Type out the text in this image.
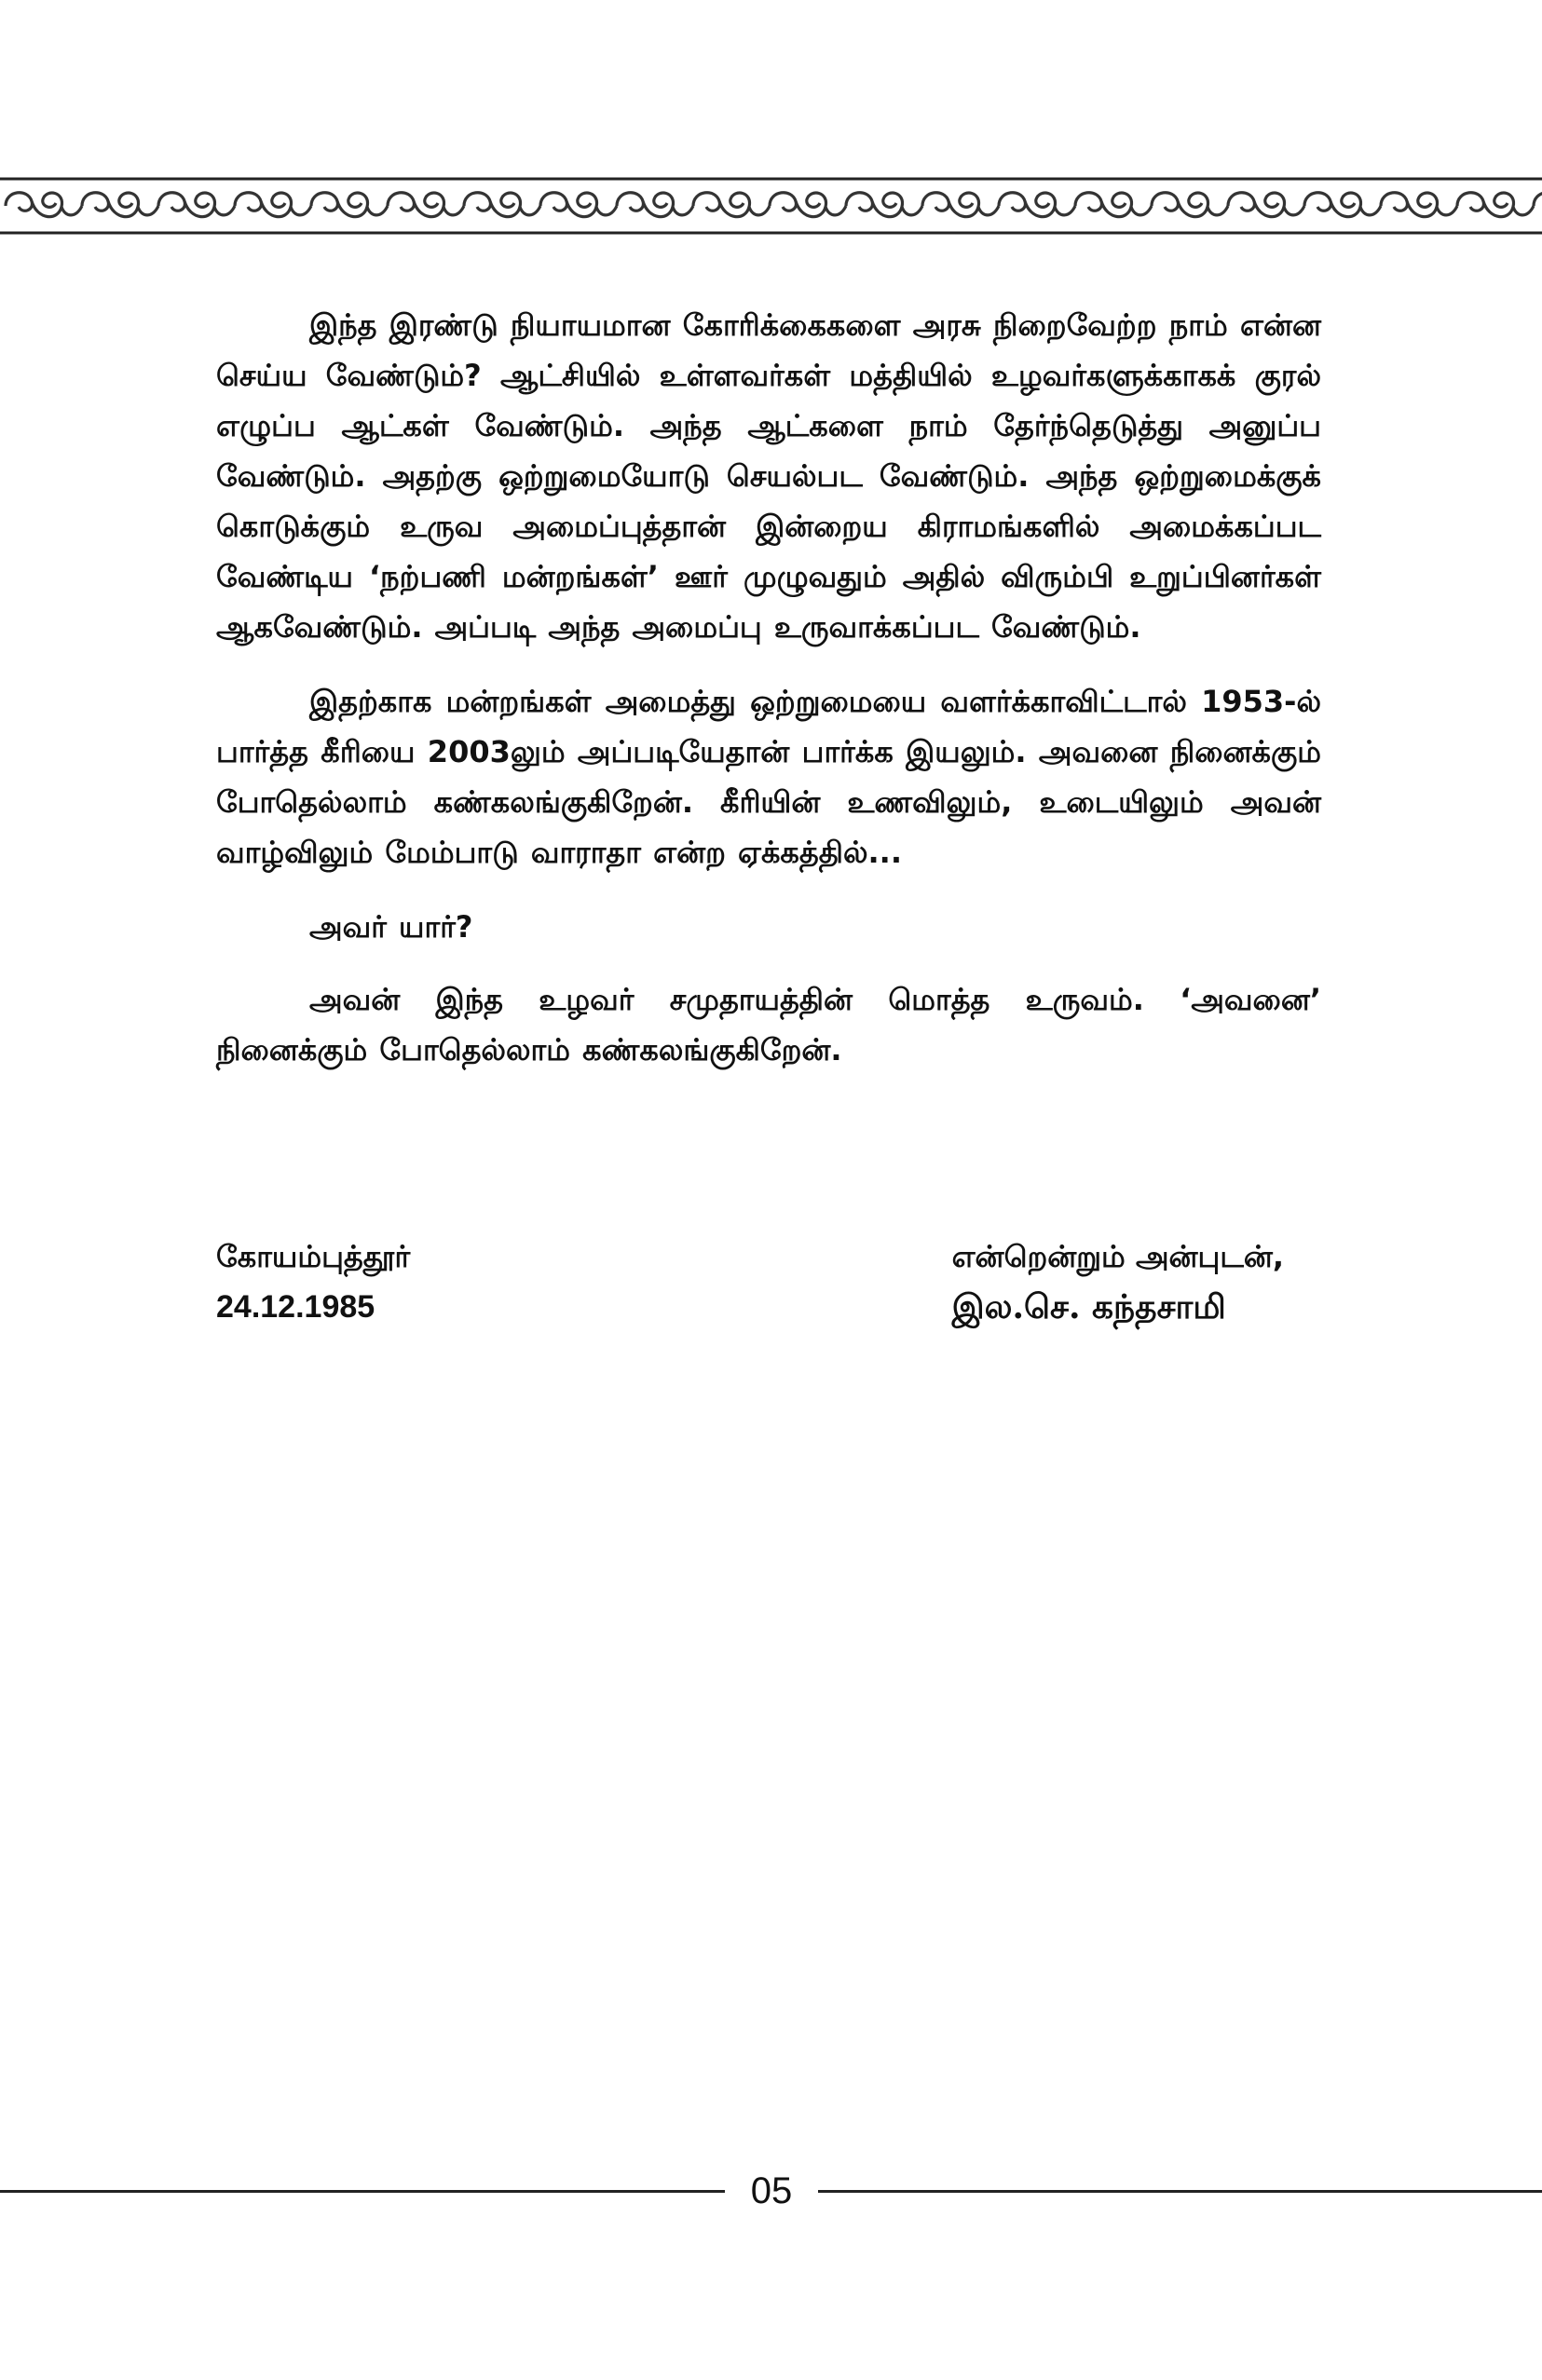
இந்த இரண்டு நியாயமான கோரிக்கைகளை அரசு நிறைவேற்ற நாம் என்ன செய்ய வேண்டும்? ஆட்சியில் உள்ளவர்கள் மத்தியில் உழவர்களுக்காகக் குரல் எழுப்ப ஆட்கள் வேண்டும். அந்த ஆட்களை நாம் தேர்ந்தெடுத்து அனுப்ப வேண்டும். அதற்கு ஒற்றுமையோடு செயல்பட வேண்டும். அந்த ஒற்றுமைக்குக் கொடுக்கும் உருவ அமைப்புத்தான் இன்றைய கிராமங்களில் அமைக்கப்பட வேண்டிய ‘நற்பணி மன்றங்கள்’ ஊர் முழுவதும் அதில் விரும்பி உறுப்பினர்கள் ஆகவேண்டும். அப்படி அந்த அமைப்பு உருவாக்கப்பட வேண்டும்.

இதற்காக மன்றங்கள் அமைத்து ஒற்றுமையை வளர்க்காவிட்டால் 1953-ல் பார்த்த கீரியை 2003லும் அப்படியேதான் பார்க்க இயலும். அவனை நினைக்கும் போதெல்லாம் கண்கலங்குகிறேன். கீரியின் உணவிலும், உடையிலும் அவன் வாழ்விலும் மேம்பாடு வாராதா என்ற ஏக்கத்தில்...

அவர் யார்?

அவன் இந்த உழவர் சமுதாயத்தின் மொத்த உருவம். ‘அவனை’ நினைக்கும் போதெல்லாம் கண்கலங்குகிறேன்.

கோயம்புத்தூர்
24.12.1985
என்றென்றும் அன்புடன்,
இல.செ. கந்தசாமி
05
